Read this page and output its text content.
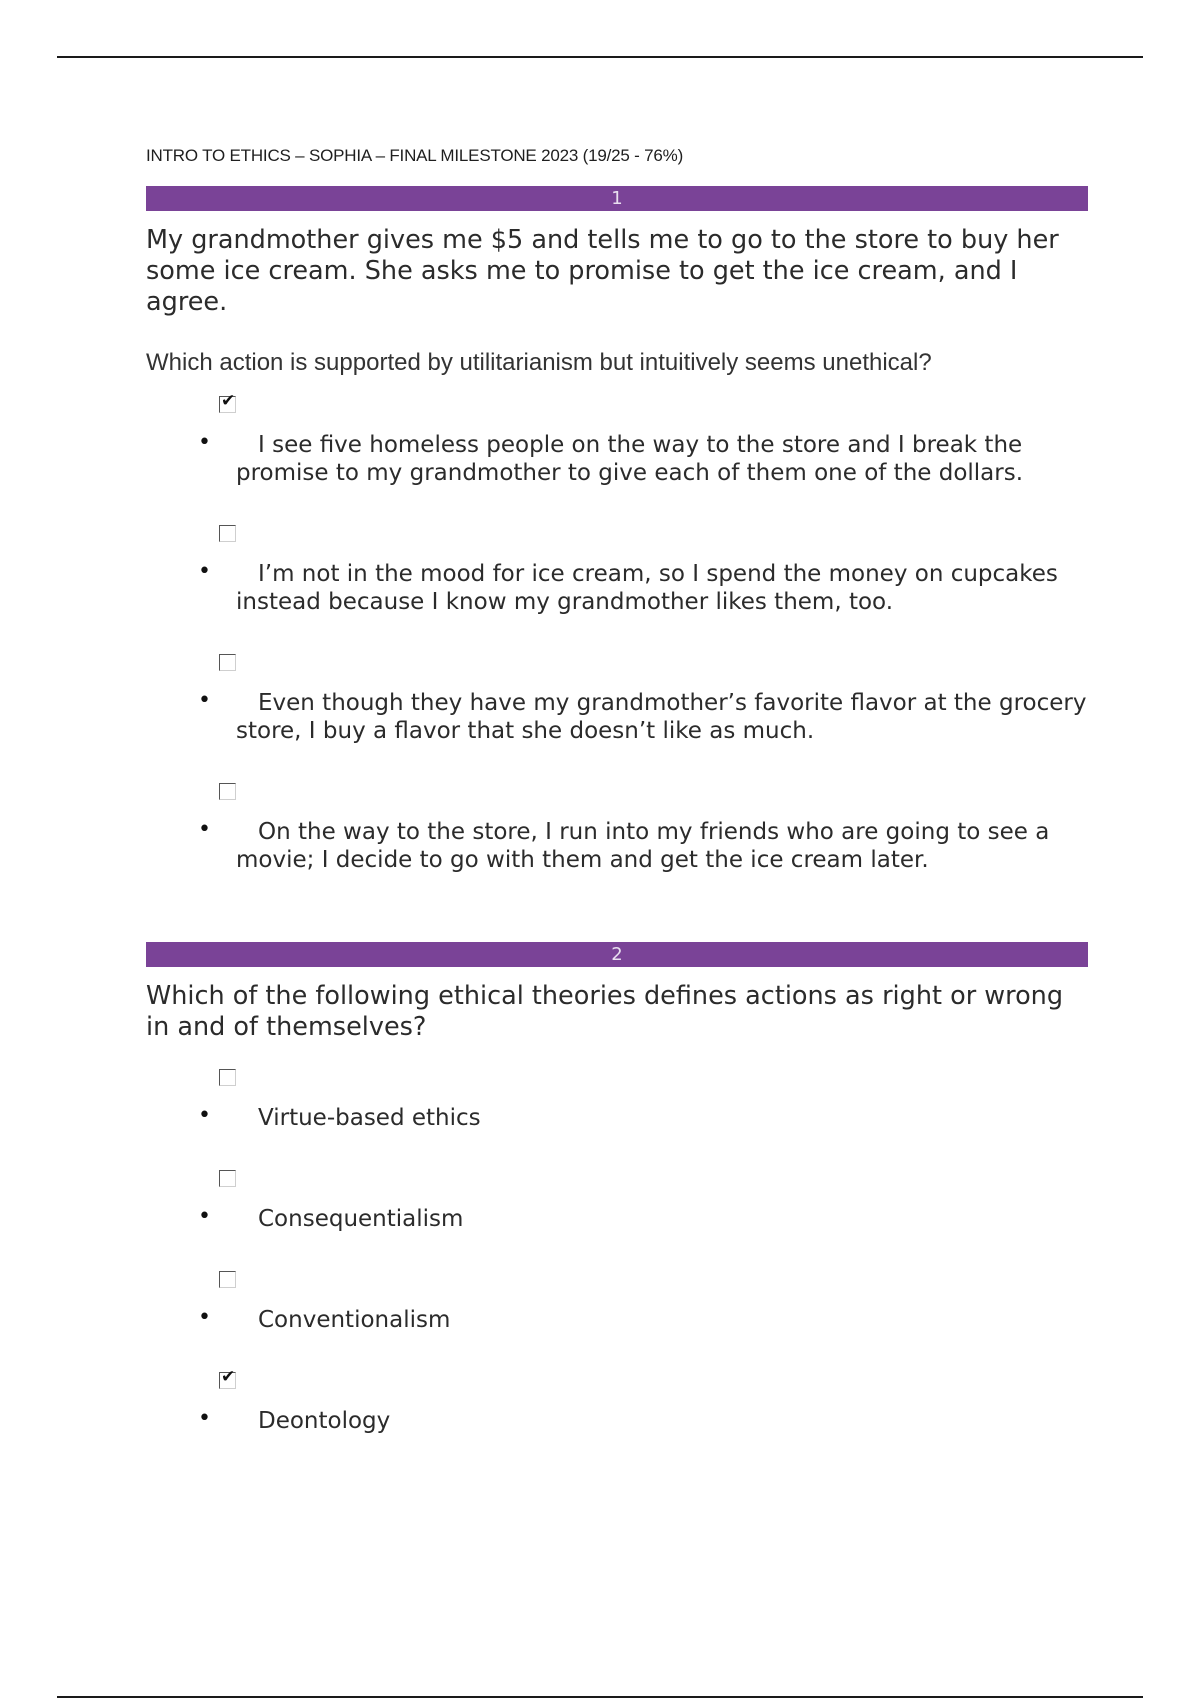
INTRO TO ETHICS – SOPHIA – FINAL MILESTONE 2023 (19/25 - 76%)
1
My grandmother gives me $5 and tells me to go to the store to buy her some ice cream. She asks me to promise to get the ice cream, and I agree.
Which action is supported by utilitarianism but intuitively seems unethical?
✔
•	I see five homeless people on the way to the store and I break the promise to my grandmother to give each of them one of the dollars.
•	I’m not in the mood for ice cream, so I spend the money on cupcakes instead because I know my grandmother likes them, too.
•	Even though they have my grandmother’s favorite flavor at the grocery store, I buy a flavor that she doesn’t like as much.
•	On the way to the store, I run into my friends who are going to see a movie; I decide to go with them and get the ice cream later.
2
Which of the following ethical theories defines actions as right or wrong in and of themselves?
•	Virtue-based ethics
•	Consequentialism
•	Conventionalism
✔
•	Deontology
